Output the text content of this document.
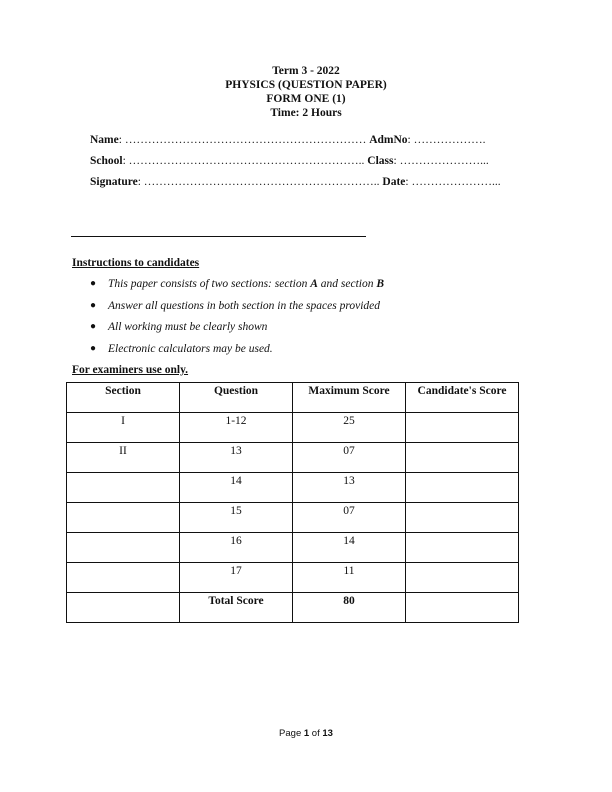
Term 3 - 2022
PHYSICS (QUESTION PAPER)
FORM ONE (1)
Time: 2 Hours
Name: ……………………………………………………… AdmNo: ……………….
School: …………………………………………………….. Class: …………………...
Signature: …………………………………………………….. Date: …………………...
Instructions to candidates
● This paper consists of two sections: section A and section B
● Answer all questions in both section in the spaces provided
● All working must be clearly shown
● Electronic calculators may be used.
For examiners use only.
Section	Question	Maximum Score	Candidate's Score
I	1-12	25	
II	13	07	
	14	13	
	15	07	
	16	14	
	17	11	
	Total Score	80	
Page 1 of 13
